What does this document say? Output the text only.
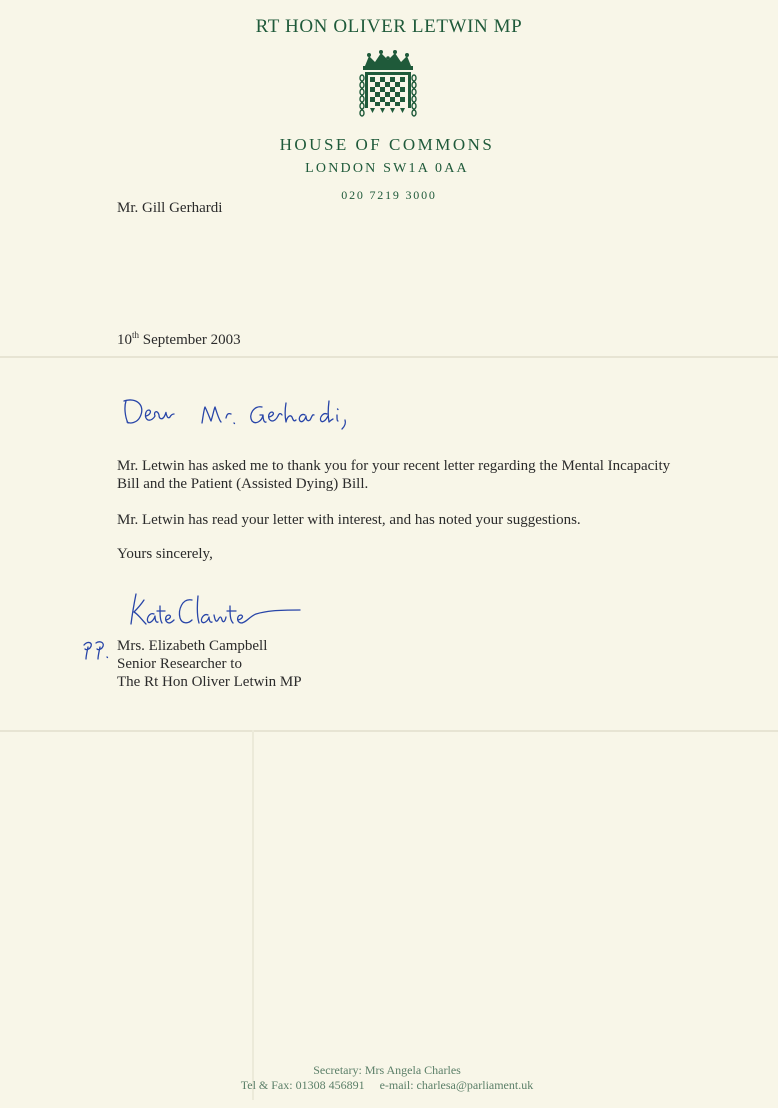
RT HON OLIVER LETWIN MP
HOUSE OF COMMONS
LONDON SW1A 0AA
020 7219 3000
Mr. Gill Gerhardi
10th September 2003
Mr. Letwin has asked me to thank you for your recent letter regarding the Mental Incapacity Bill and the Patient (Assisted Dying) Bill.
Mr. Letwin has read your letter with interest, and has noted your suggestions.
Yours sincerely,
Mrs. Elizabeth Campbell
Senior Researcher to
The Rt Hon Oliver Letwin MP
Secretary: Mrs Angela Charles
Tel & Fax: 01308 456891     e-mail: charlesa@parliament.uk
